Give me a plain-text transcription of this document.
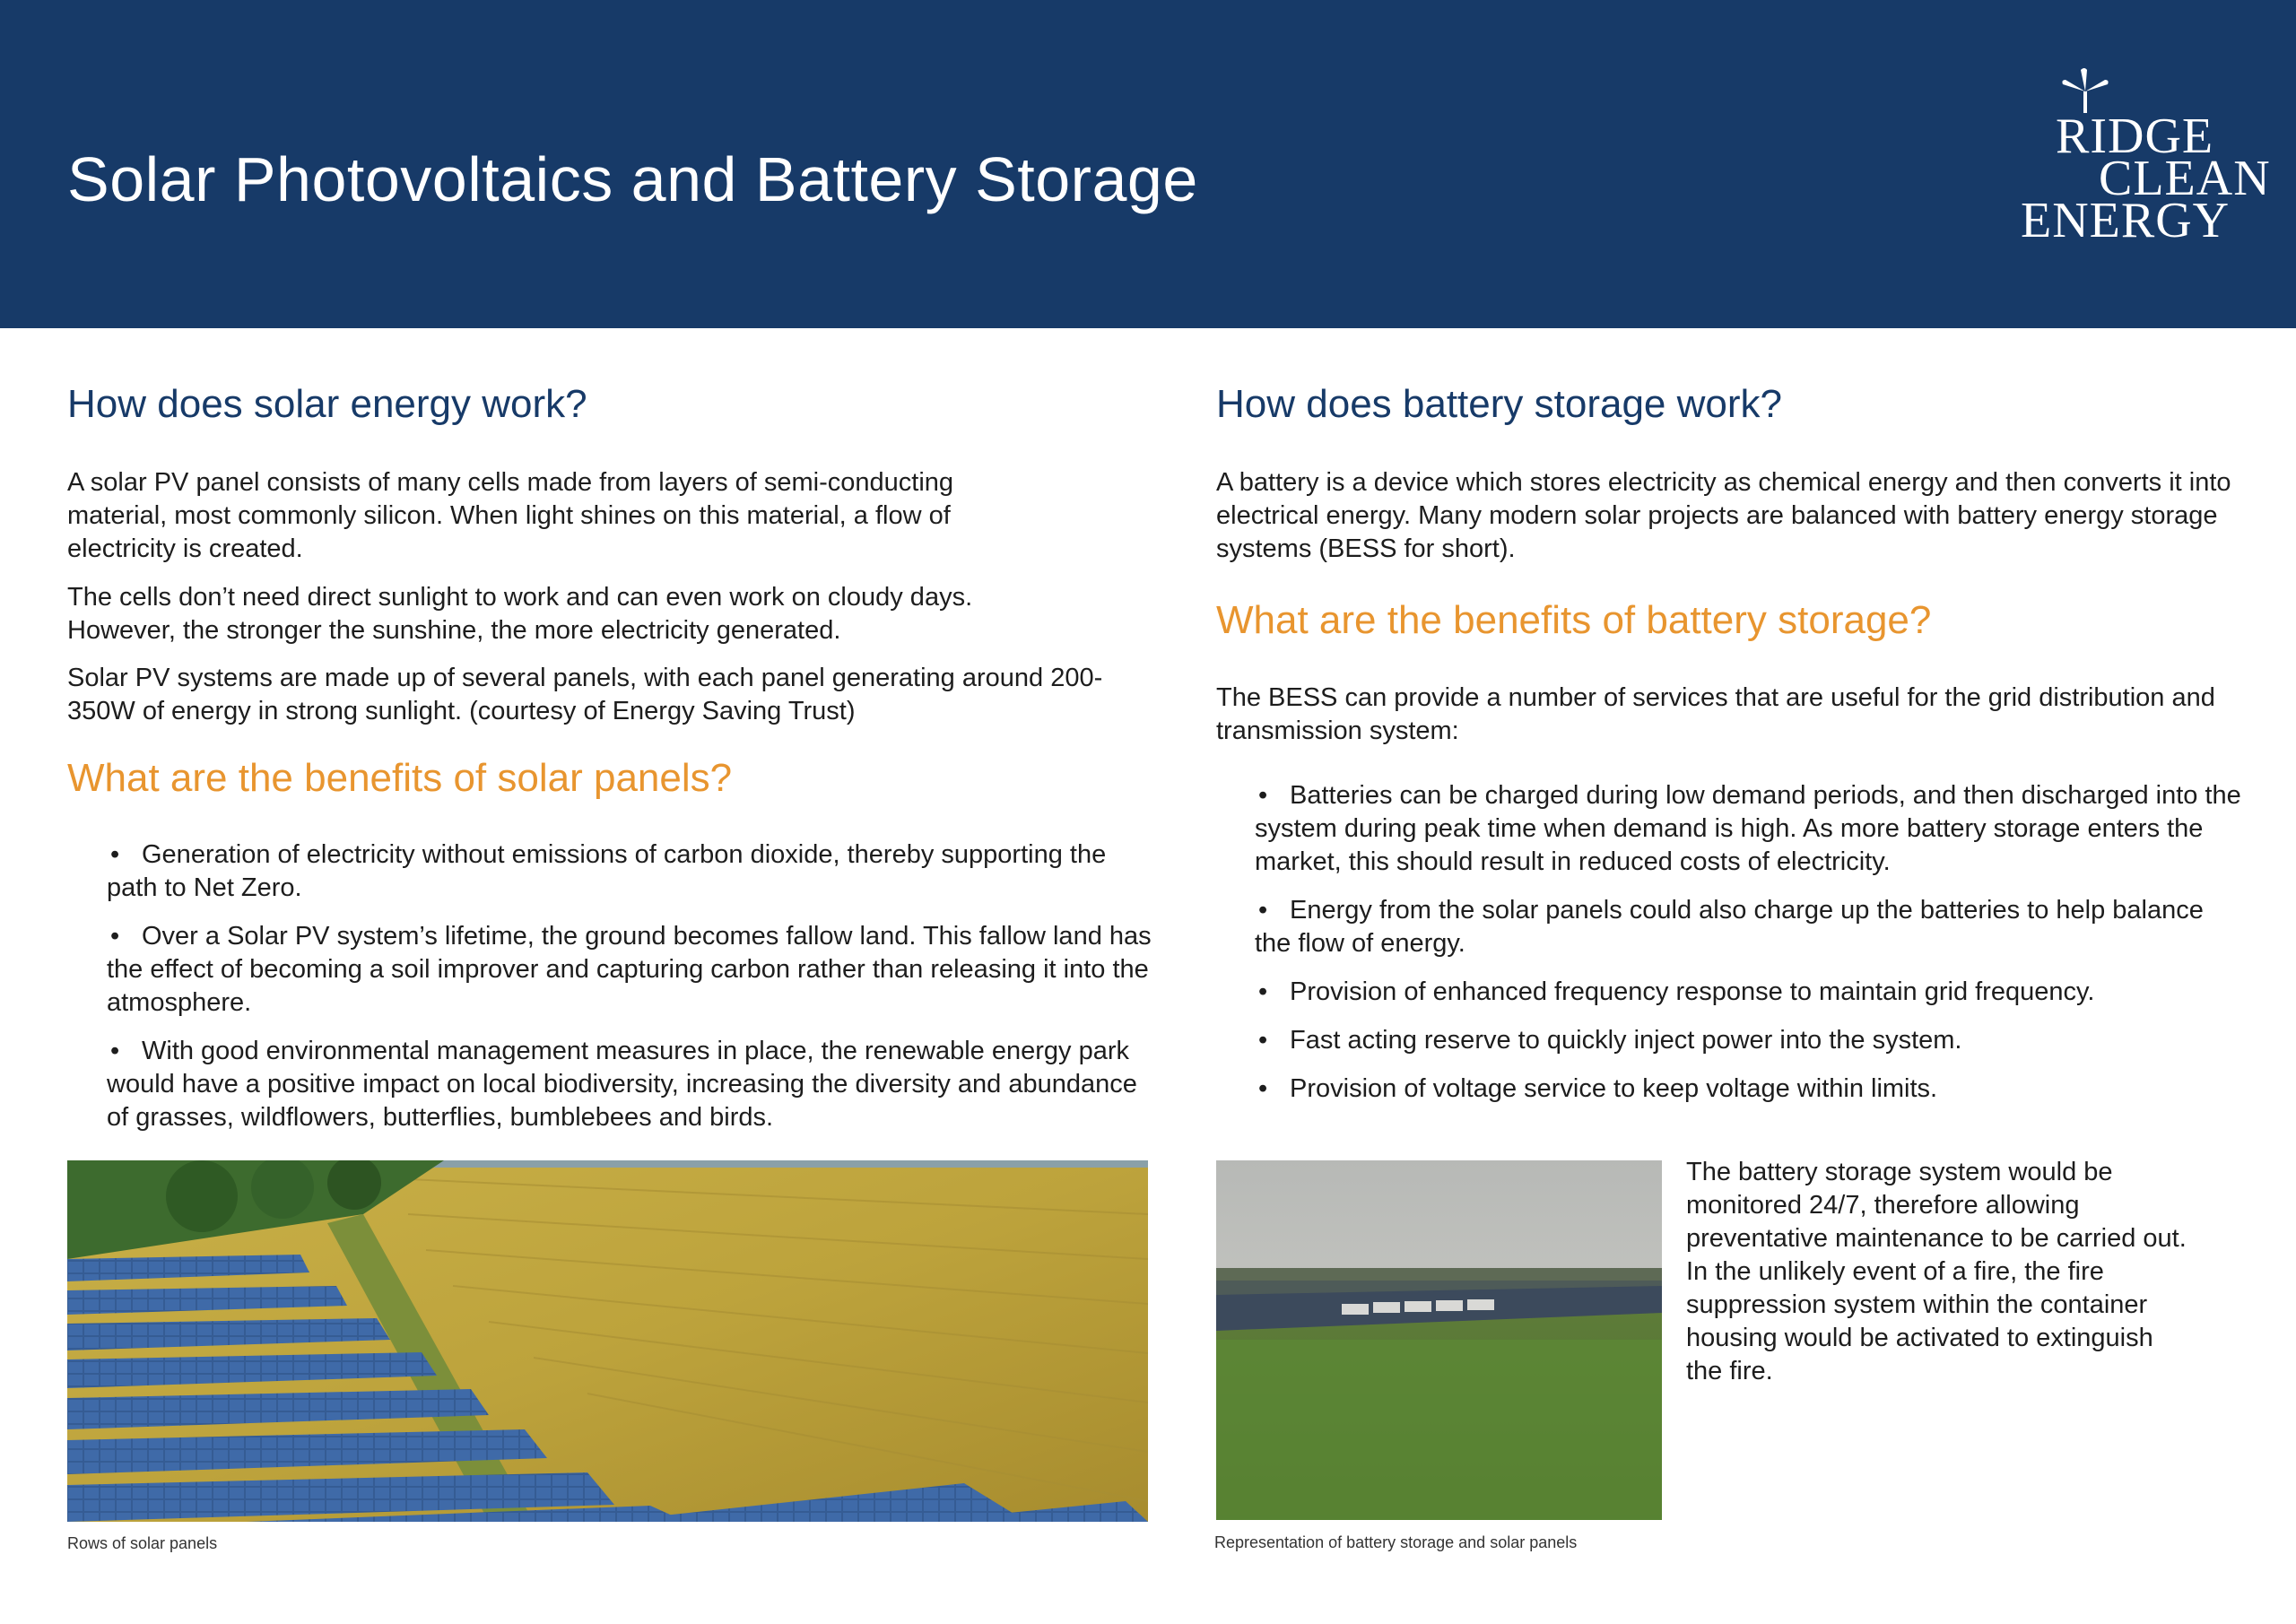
Solar Photovoltaics and Battery Storage
RIDGE
CLEAN
ENERGY
How does solar energy work?

A solar PV panel consists of many cells made from layers of semi-conducting material, most commonly silicon. When light shines on this material, a flow of electricity is created.

The cells don’t need direct sunlight to work and can even work on cloudy days. However, the stronger the sunshine, the more electricity generated.

Solar PV systems are made up of several panels, with each panel generating around 200-350W of energy in strong sunlight. (courtesy of Energy Saving Trust)

What are the benefits of solar panels?
• Generation of electricity without emissions of carbon dioxide, thereby supporting the path to Net Zero.
• Over a Solar PV system’s lifetime, the ground becomes fallow land. This fallow land has the effect of becoming a soil improver and capturing carbon rather than releasing it into the atmosphere.
• With good environmental management measures in place, the renewable energy park would have a positive impact on local biodiversity, increasing the diversity and abundance of grasses, wildflowers, butterflies, bumblebees and birds.
Rows of solar panels
How does battery storage work?

A battery is a device which stores electricity as chemical energy and then converts it into electrical energy. Many modern solar projects are balanced with battery energy storage systems (BESS for short).

What are the benefits of battery storage?

The BESS can provide a number of services that are useful for the grid distribution and transmission system:

• Batteries can be charged during low demand periods, and then discharged into the system during peak time when demand is high. As more battery storage enters the market, this should result in reduced costs of electricity.
• Energy from the solar panels could also charge up the batteries to help balance the flow of energy.
• Provision of enhanced frequency response to maintain grid frequency.
• Fast acting reserve to quickly inject power into the system.
• Provision of voltage service to keep voltage within limits.
Representation of battery storage and solar panels

The battery storage system would be monitored 24/7, therefore allowing preventative maintenance to be carried out. In the unlikely event of a fire, the fire suppression system within the container housing would be activated to extinguish the fire.
